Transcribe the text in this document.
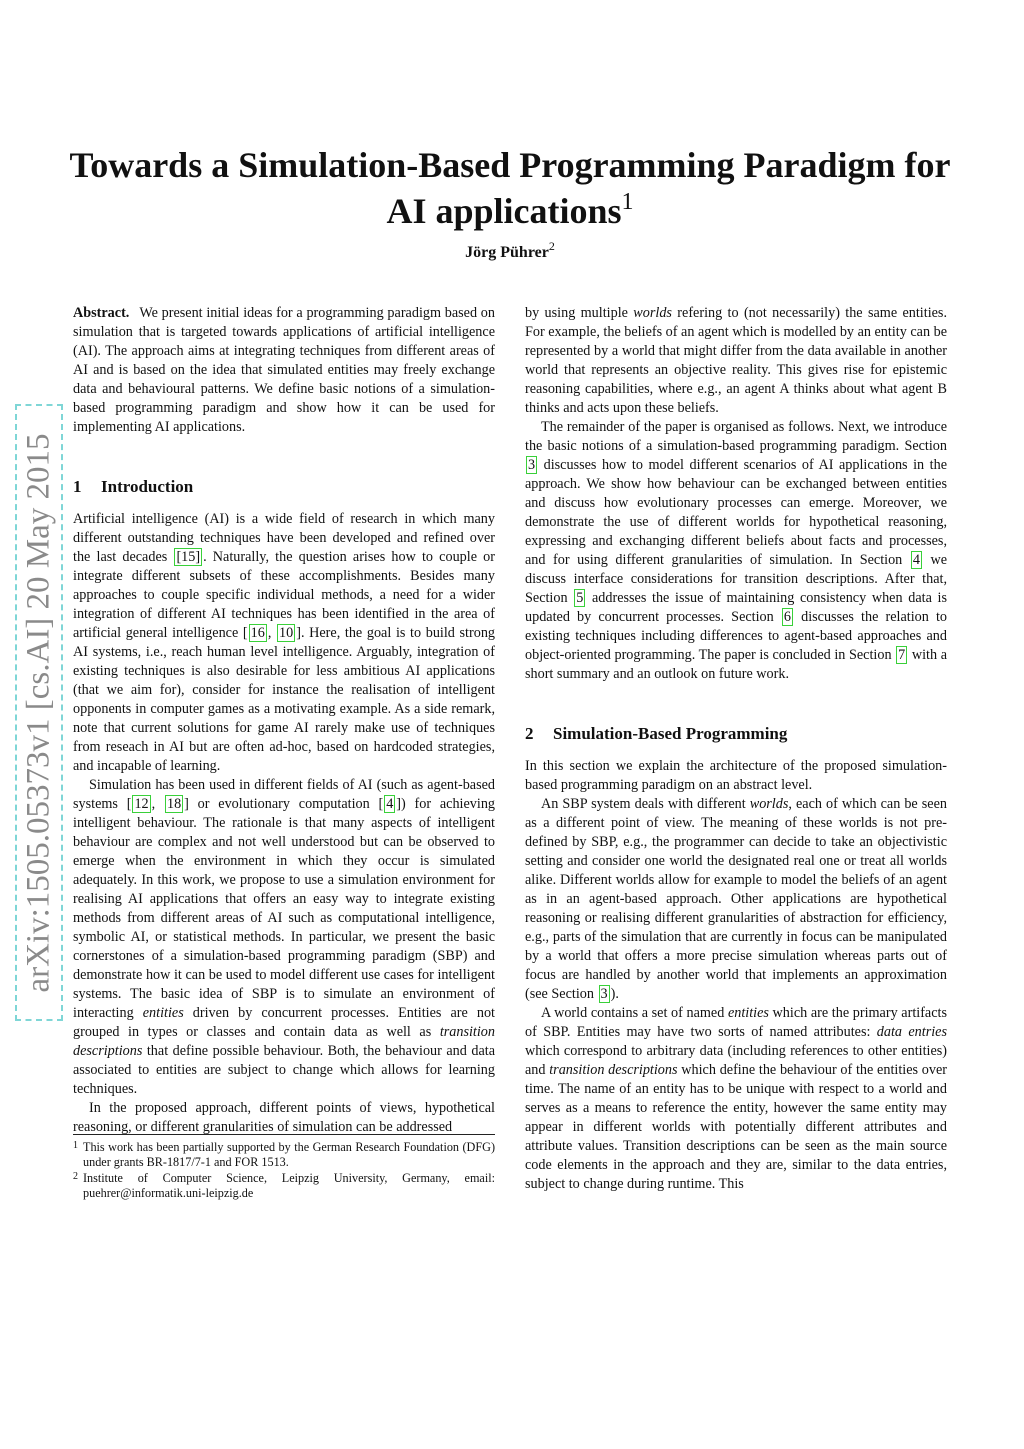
arXiv:1505.05373v1 [cs.AI] 20 May 2015

Towards a Simulation-Based Programming Paradigm for

AI applications$^1$

Jörg Pührer$^2$

Abstract. We present initial ideas for a programming paradigm based on simulation that is targeted towards applications of artificial intelligence (AI). The approach aims at integrating techniques from different areas of AI and is based on the idea that simulated entities may freely exchange data and behavioural patterns. We define basic notions of a simulation-based programming paradigm and show how it can be used for implementing AI applications.

1 Introduction

Artificial intelligence (AI) is a wide field of research in which many different outstanding techniques have been developed and refined over the last decades [15] . Naturally, the question arises how to couple or integrate different subsets of these accomplishments. Besides many approaches to couple specific individual methods, a need for a wider integration of different AI techniques has been identified in the area of artificial general intelligence [ 16 , 10 ]. Here, the goal is to build strong AI systems, i.e., reach human level intelligence. Arguably, integration of existing techniques is also desirable for less ambitious AI applications (that we aim for), consider for instance the realisation of intelligent opponents in computer games as a motivating example. As a side remark, note that current solutions for game AI rarely make use of techniques from reseach in AI but are often ad-hoc, based on hardcoded strategies, and incapable of learning.

Simulation has been used in different fields of AI (such as agent-based systems [ 12 , 18 ] or evolutionary computation [ 4 ]) for achieving intelligent behaviour. The rationale is that many aspects of intelligent behaviour are complex and not well understood but can be observed to emerge when the environment in which they occur is simulated adequately. In this work, we propose to use a simulation environment for realising AI applications that offers an easy way to integrate existing methods from different areas of AI such as computational intelligence, symbolic AI, or statistical methods. In particular, we present the basic cornerstones of a simulation-based programming paradigm (SBP) and demonstrate how it can be used to model different use cases for intelligent systems. The basic idea of SBP is to simulate an environment of interacting entities driven by concurrent processes. Entities are not grouped in types or classes and contain data as well as transition descriptions that define possible behaviour. Both, the behaviour and data associated to entities are subject to change which allows for learning techniques.

In the proposed approach, different points of views, hypothetical reasoning, or different granularities of simulation can be addressed

1 This work has been partially supported by the German Research Foundation (DFG) under grants BR-1817/7-1 and FOR 1513.
2 Institute of Computer Science, Leipzig University, Germany, email: puehrer@informatik.uni-leipzig.de

by using multiple worlds refering to (not necessarily) the same entities. For example, the beliefs of an agent which is modelled by an entity can be represented by a world that might differ from the data available in another world that represents an objective reality. This gives rise for epistemic reasoning capabilities, where e.g., an agent A thinks about what agent B thinks and acts upon these beliefs.

The remainder of the paper is organised as follows. Next, we introduce the basic notions of a simulation-based programming paradigm. Section 3 discusses how to model different scenarios of AI applications in the approach. We show how behaviour can be exchanged between entities and discuss how evolutionary processes can emerge. Moreover, we demonstrate the use of different worlds for hypothetical reasoning, expressing and exchanging different beliefs about facts and processes, and for using different granularities of simulation. In Section 4 we discuss interface considerations for transition descriptions. After that, Section 5 addresses the issue of maintaining consistency when data is updated by concurrent processes. Section 6 discusses the relation to existing techniques including differences to agent-based approaches and object-oriented programming. The paper is concluded in Section 7 with a short summary and an outlook on future work.

2 Simulation-Based Programming

In this section we explain the architecture of the proposed simulation-based programming paradigm on an abstract level.

An SBP system deals with different worlds, each of which can be seen as a different point of view. The meaning of these worlds is not pre-defined by SBP, e.g., the programmer can decide to take an objectivistic setting and consider one world the designated real one or treat all worlds alike. Different worlds allow for example to model the beliefs of an agent as in an agent-based approach. Other applications are hypothetical reasoning or realising different granularities of abstraction for efficiency, e.g., parts of the simulation that are currently in focus can be manipulated by a world that offers a more precise simulation whereas parts out of focus are handled by another world that implements an approximation (see Section 3 ).

A world contains a set of named entities which are the primary artifacts of SBP. Entities may have two sorts of named attributes: data entries which correspond to arbitrary data (including references to other entities) and transition descriptions which define the behaviour of the entities over time. The name of an entity has to be unique with respect to a world and serves as a means to reference the entity, however the same entity may appear in different worlds with potentially different attributes and attribute values. Transition descriptions can be seen as the main source code elements in the approach and they are, similar to the data entries, subject to change during runtime. This
